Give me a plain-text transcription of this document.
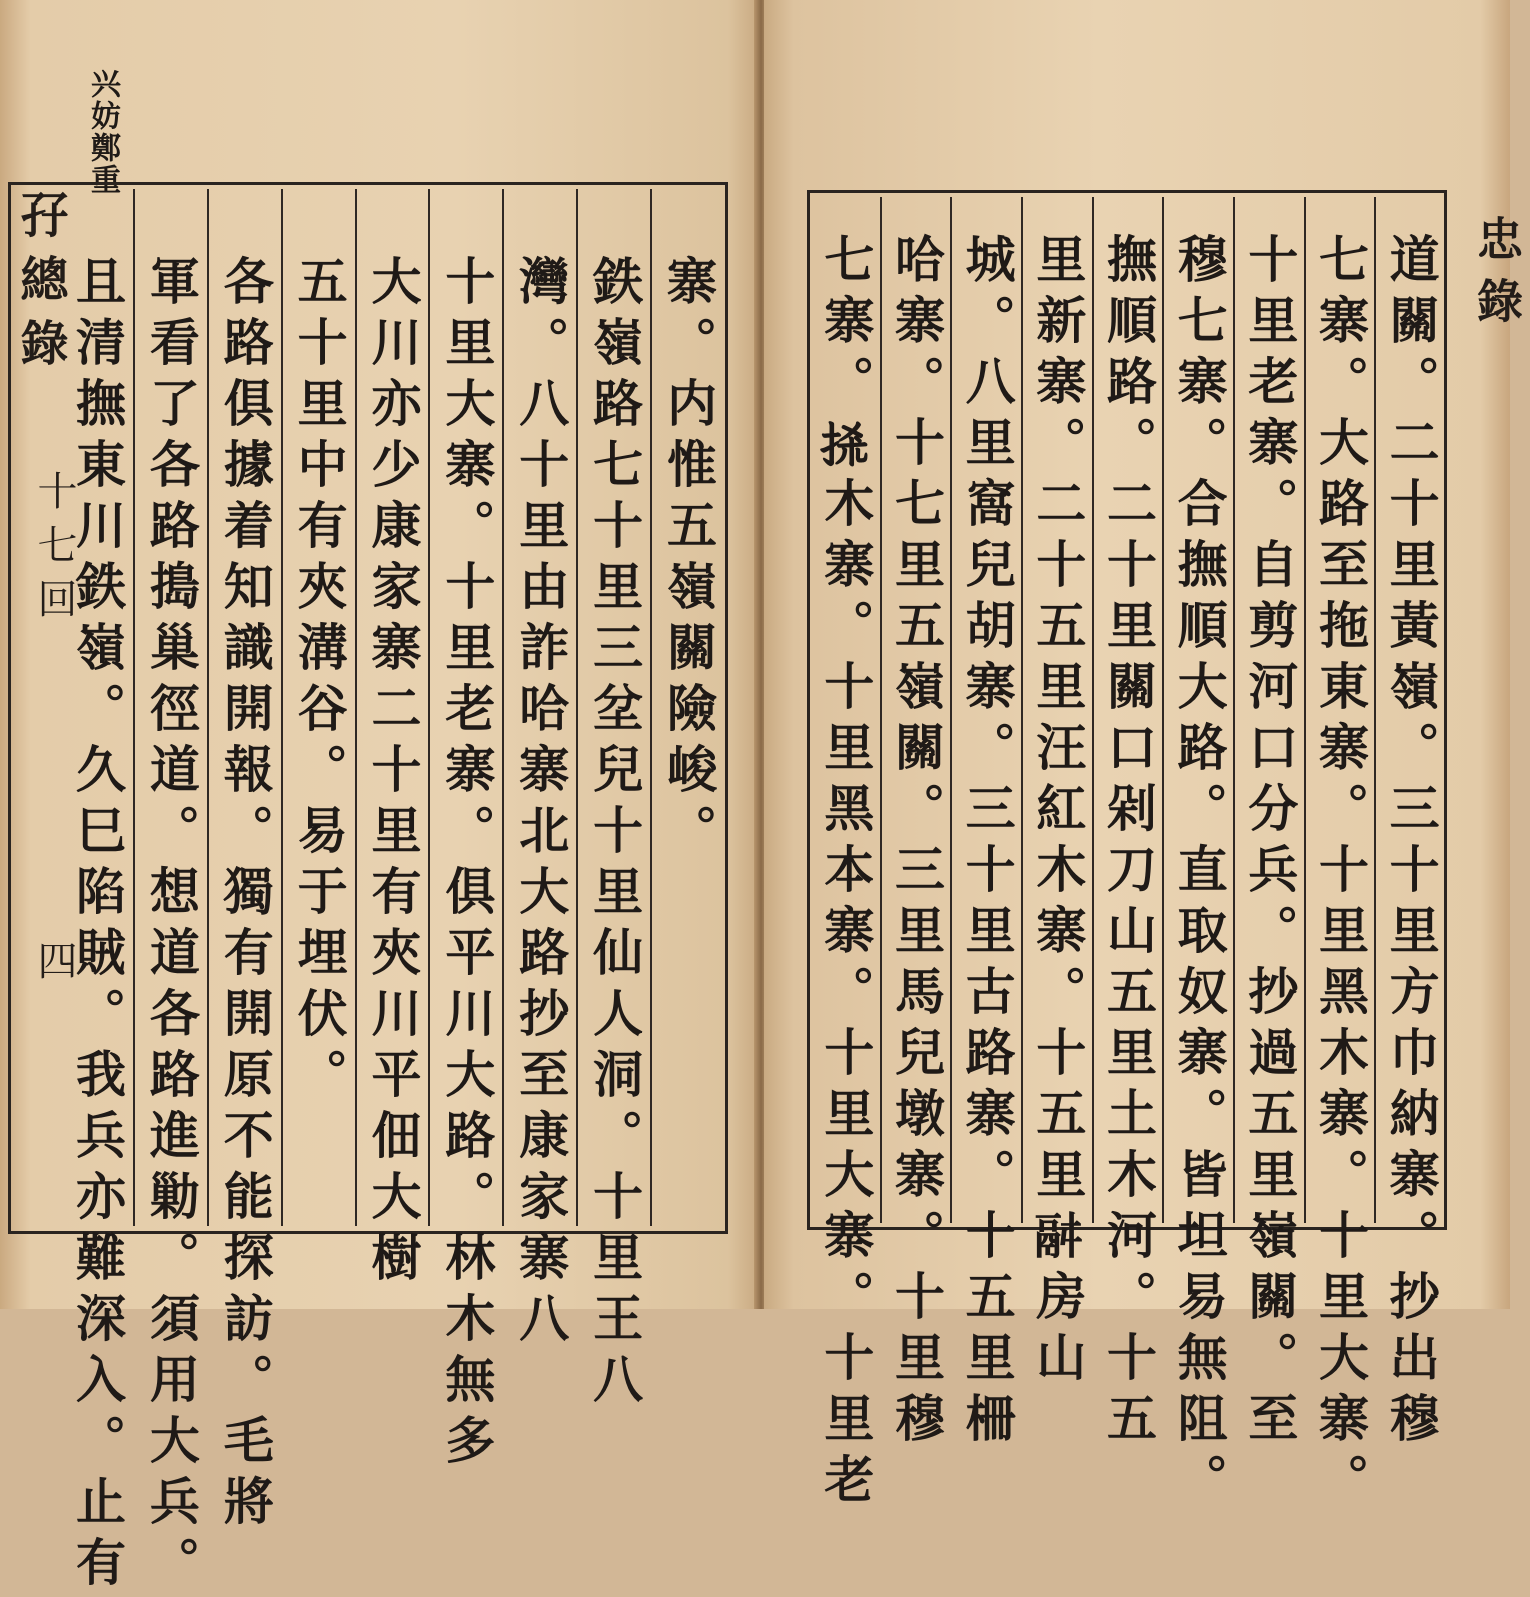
兴妨鄭重
孖總錄
十七回
四
忠錄
寨。内惟五嶺關險峻。
鉄嶺路七十里三坌兒十里仙人洞。十里王八
灣。八十里由詐哈寨北大路抄至康家寨八
十里大寨。十里老寨。俱平川大路。林木無多
大川亦少康家寨二十里有夾川平佃大樹
五十里中有夾溝谷。易于埋伏。
各路俱據着知識開報。獨有開原不能探訪。毛將
軍看了各路搗巢徑道。想道各路進勦。須用大兵。
且清撫東川鉄嶺。久巳陷賊。我兵亦難深入。止有	道關。二十里黃嶺。三十里方巾納寨。抄出穆
七寨。大路至拖東寨。十里黑木寨。十里大寨。
十里老寨。自剪河口分兵。抄過五里嶺關。至
穆七寨。合撫順大路。直取奴寨。皆坦易無阻。
撫順路。二十里關口剁刀山五里土木河。十五
里新寨。二十五里汪紅木寨。十五里𩰫房山
城。八里窩兒胡寨。三十里古路寨。十五里柵
哈寨。十七里五嶺關。三里馬兒墩寨。十里穆
七寨。𢫬木寨。十里黑本寨。十里大寨。十里老
